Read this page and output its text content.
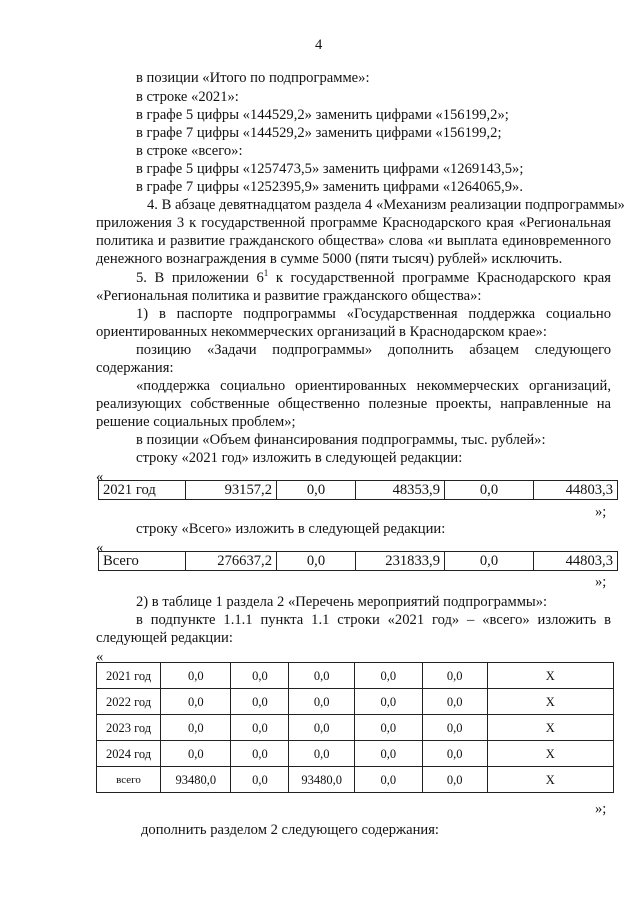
4
в позиции «Итого по подпрограмме»:
в строке «2021»:
в графе 5 цифры «144529,2» заменить цифрами «156199,2»;
в графе 7 цифры «144529,2» заменить цифрами «156199,2;
в строке «всего»:
в графе 5 цифры «1257473,5» заменить цифрами «1269143,5»;
в графе 7 цифры «1252395,9» заменить цифрами «1264065,9».
4. В абзаце девятнадцатом раздела 4 «Механизм реализации подпрограммы»
приложения 3 к государственной программе Краснодарского края «Региональная
политика и развитие гражданского общества» слова «и выплата единовременного
денежного вознаграждения в сумме 5000 (пяти тысяч) рублей» исключить.
5. В приложении $6^1$ к государственной программе Краснодарского края
«Региональная политика и развитие гражданского общества»:
1) в паспорте подпрограммы «Государственная поддержка социально
ориентированных некоммерческих организаций в Краснодарском крае»:
позицию «Задачи подпрограммы» дополнить абзацем следующего
содержания:
«поддержка социально ориентированных некоммерческих организаций,
реализующих собственные общественно полезные проекты, направленные на
решение социальных проблем»;
в позиции «Объем финансирования подпрограммы, тыс. рублей»:
строку «2021 год» изложить в следующей редакции:
«
2021 год	93157,2	0,0	48353,9	0,0	44803,3
»;
строку «Всего» изложить в следующей редакции:
«
Всего	276637,2	0,0	231833,9	0,0	44803,3
»;
2) в таблице 1 раздела 2 «Перечень мероприятий подпрограммы»:
в подпункте 1.1.1 пункта 1.1 строки «2021 год» – «всего» изложить в
следующей редакции:
«
2021 год	0,0	0,0	0,0	0,0	0,0	X
2022 год	0,0	0,0	0,0	0,0	0,0	X
2023 год	0,0	0,0	0,0	0,0	0,0	X
2024 год	0,0	0,0	0,0	0,0	0,0	X
всего	93480,0	0,0	93480,0	0,0	0,0	X
»;
дополнить разделом 2 следующего содержания:
